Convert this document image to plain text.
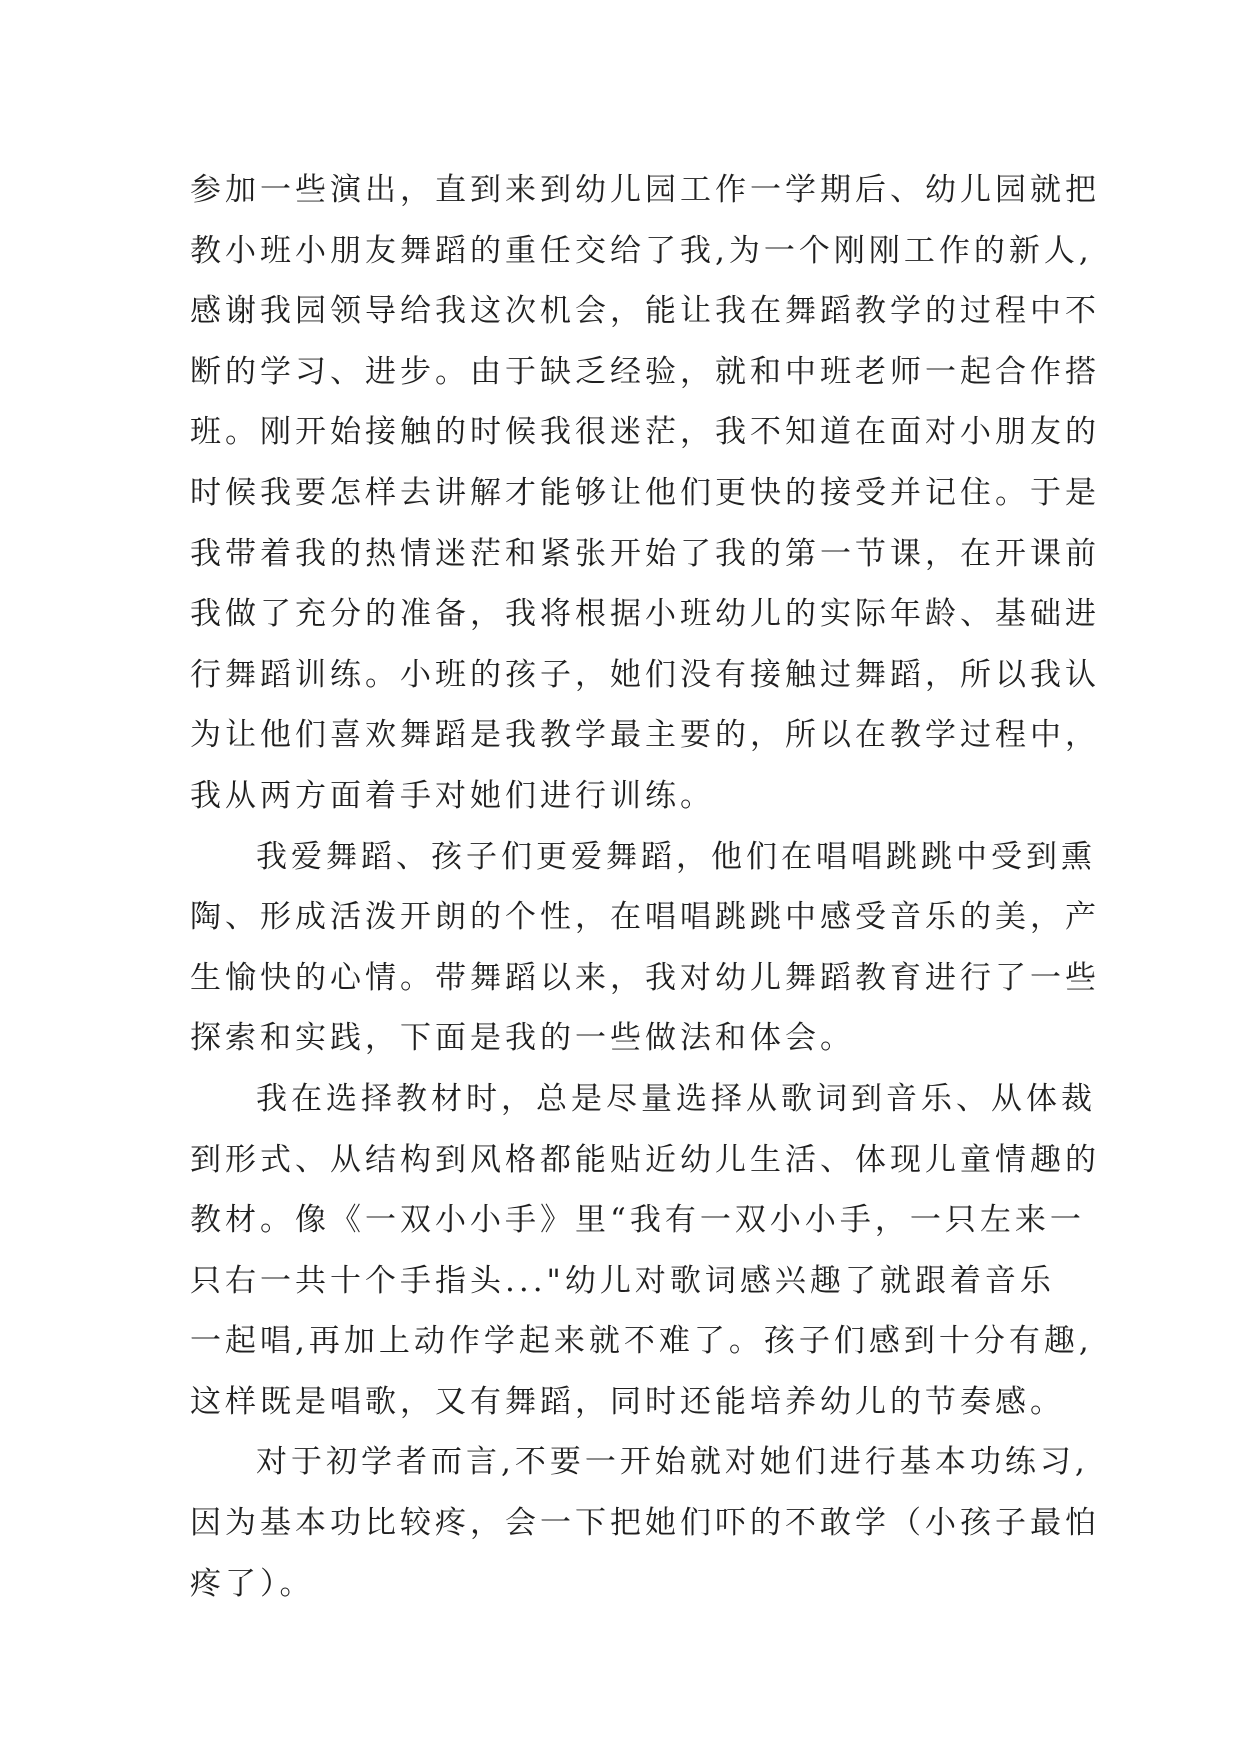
参加一些演出，直到来到幼儿园工作一学期后、幼儿园就把
教小班小朋友舞蹈的重任交给了我,为一个刚刚工作的新人,
感谢我园领导给我这次机会，能让我在舞蹈教学的过程中不
断的学习、进步。由于缺乏经验，就和中班老师一起合作搭
班。刚开始接触的时候我很迷茫，我不知道在面对小朋友的
时候我要怎样去讲解才能够让他们更快的接受并记住。于是
我带着我的热情迷茫和紧张开始了我的第一节课，在开课前
我做了充分的准备，我将根据小班幼儿的实际年龄、基础进
行舞蹈训练。小班的孩子，她们没有接触过舞蹈，所以我认
为让他们喜欢舞蹈是我教学最主要的，所以在教学过程中，
我从两方面着手对她们进行训练。
我爱舞蹈、孩子们更爱舞蹈，他们在唱唱跳跳中受到熏
陶、形成活泼开朗的个性，在唱唱跳跳中感受音乐的美，产
生愉快的心情。带舞蹈以来，我对幼儿舞蹈教育进行了一些
探索和实践，下面是我的一些做法和体会。
我在选择教材时，总是尽量选择从歌词到音乐、从体裁
到形式、从结构到风格都能贴近幼儿生活、体现儿童情趣的
教材。像《一双小小手》里“我有一双小小手，一只左来一
只右一共十个手指头..."幼儿对歌词感兴趣了就跟着音乐
一起唱,再加上动作学起来就不难了。孩子们感到十分有趣,
这样既是唱歌，又有舞蹈，同时还能培养幼儿的节奏感。
对于初学者而言,不要一开始就对她们进行基本功练习,
因为基本功比较疼，会一下把她们吓的不敢学（小孩子最怕
疼了）。
